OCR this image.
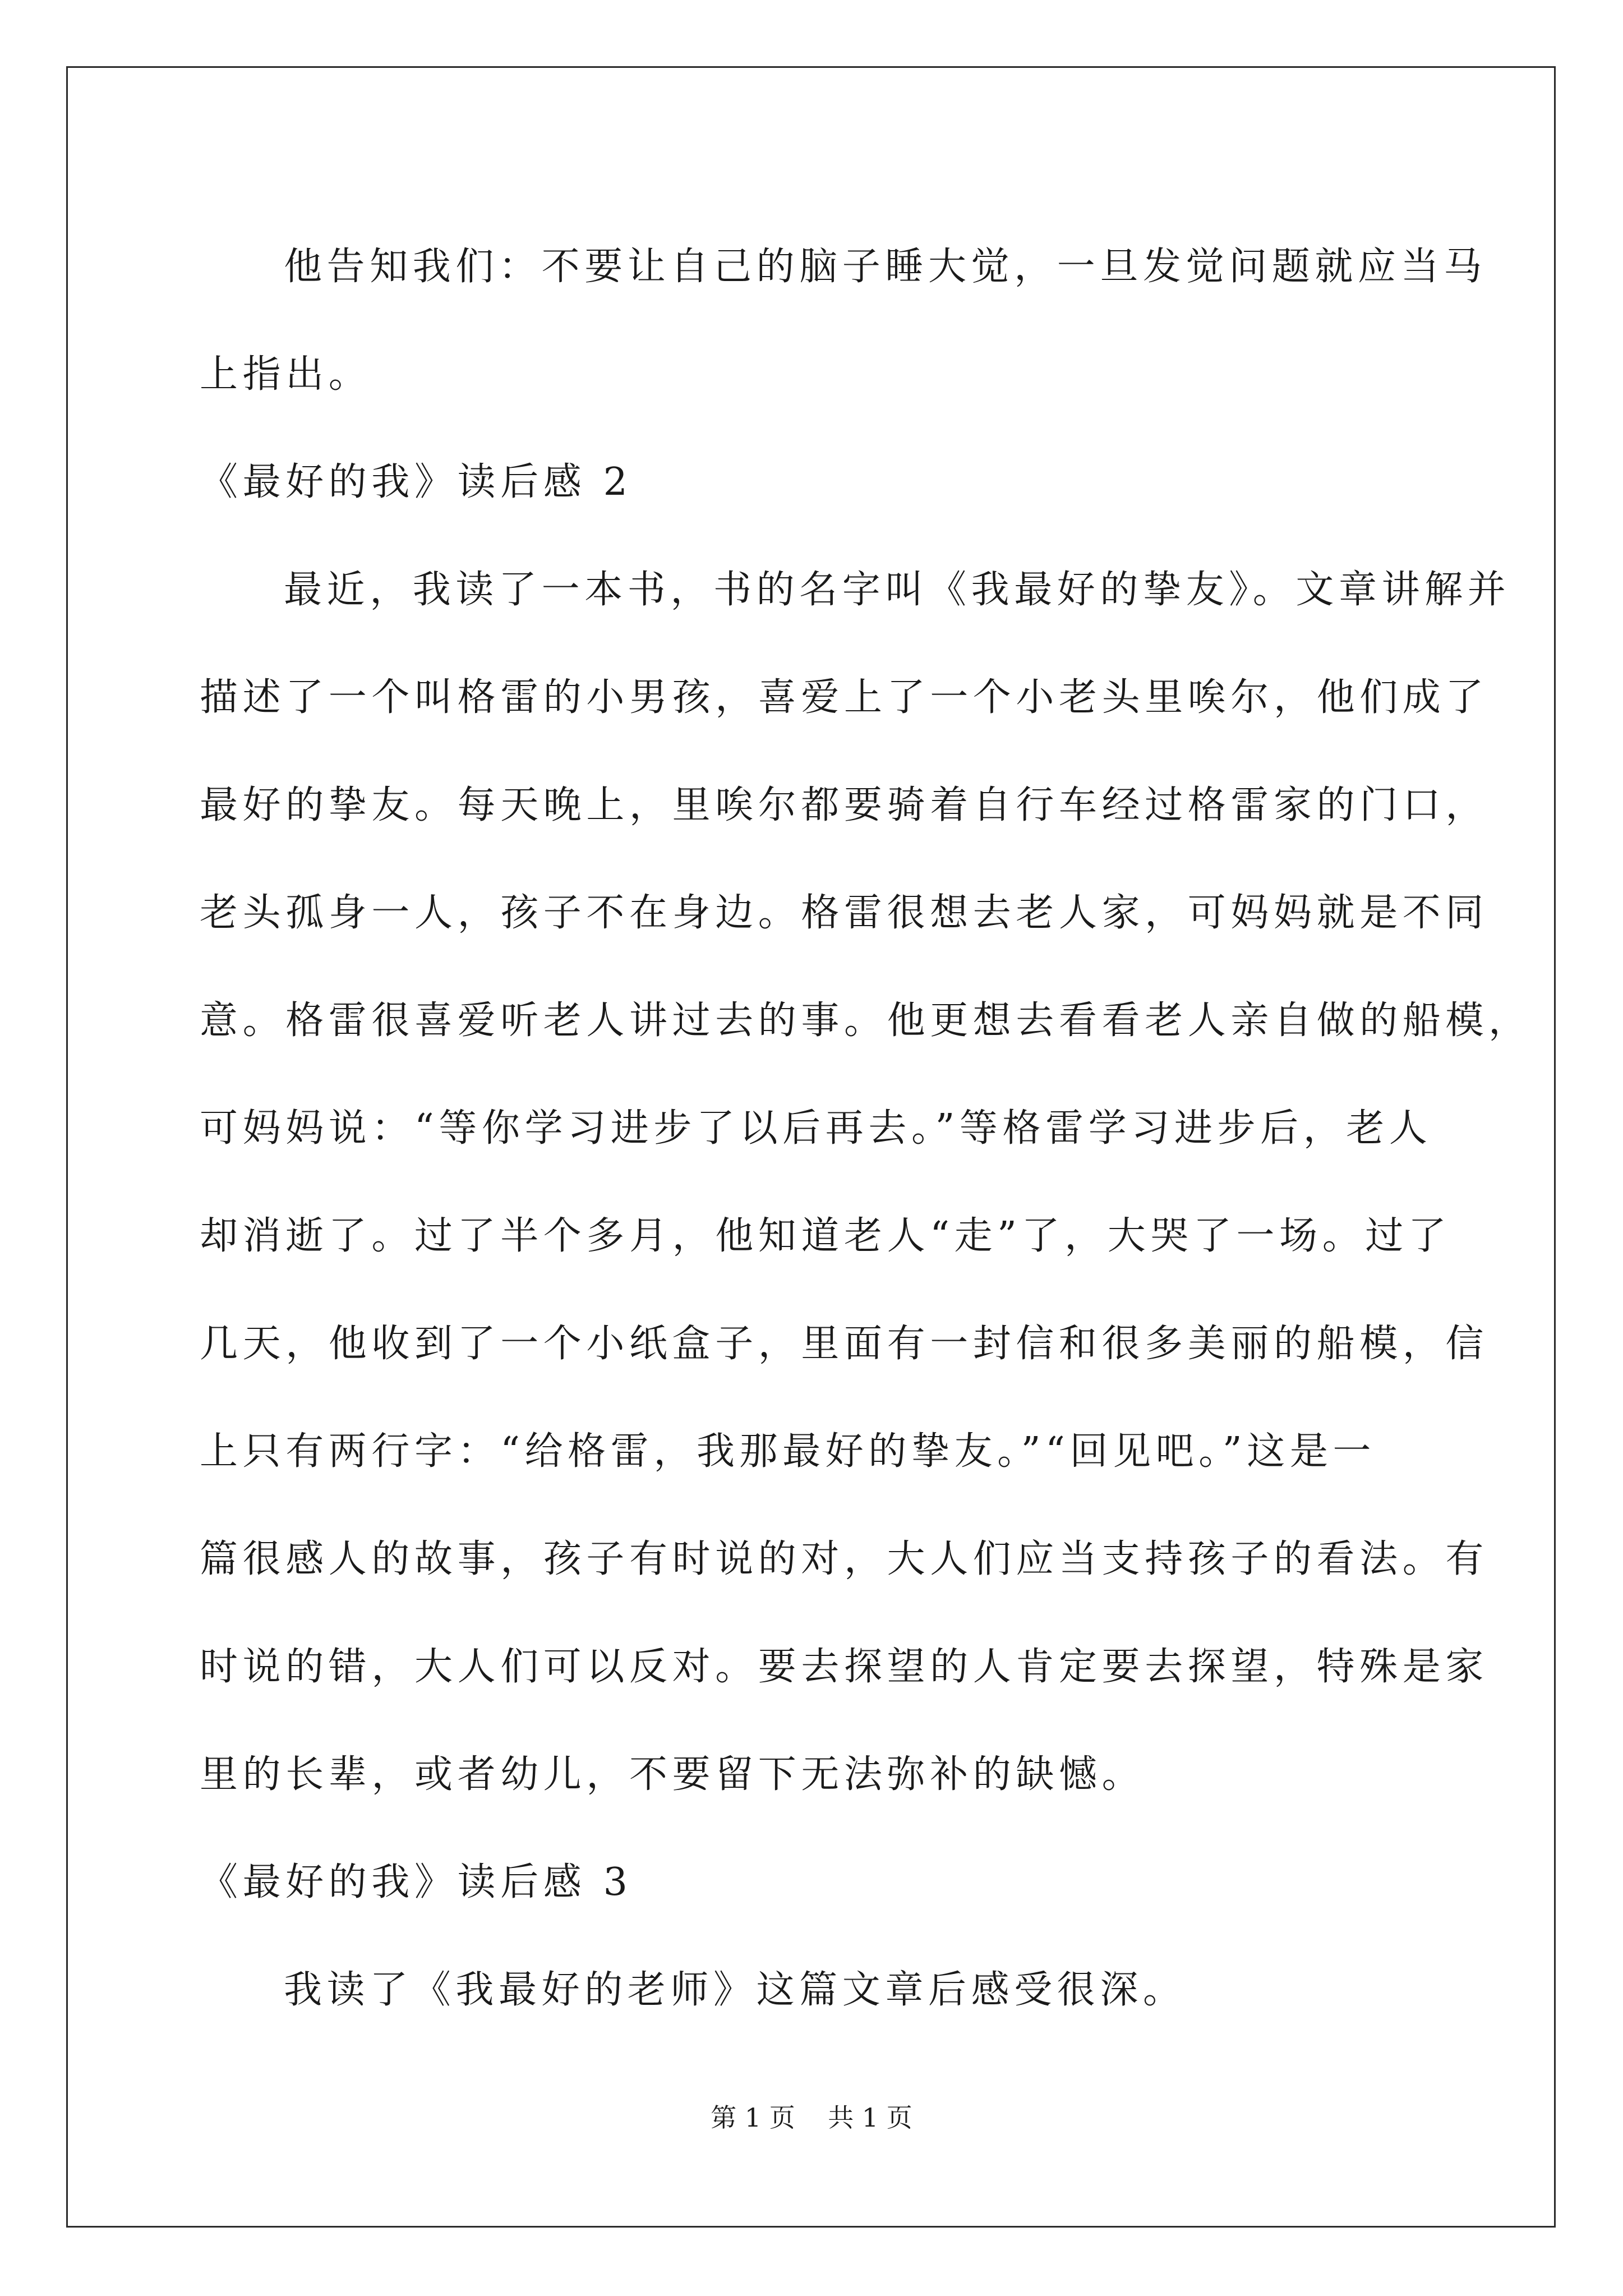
他告知我们：不要让自己的脑子睡大觉，一旦发觉问题就应当马
上指出。
《最好的我》读后感 2
最近，我读了一本书，书的名字叫《我最好的挚友》。文章讲解并
描述了一个叫格雷的小男孩，喜爱上了一个小老头里唉尔，他们成了
最好的挚友。每天晚上，里唉尔都要骑着自行车经过格雷家的门口，
老头孤身一人，孩子不在身边。格雷很想去老人家，可妈妈就是不同
意。格雷很喜爱听老人讲过去的事。他更想去看看老人亲自做的船模，
可妈妈说：“等你学习进步了以后再去。”等格雷学习进步后，老人
却消逝了。过了半个多月，他知道老人“走”了，大哭了一场。过了
几天，他收到了一个小纸盒子，里面有一封信和很多美丽的船模，信
上只有两行字：“给格雷，我那最好的挚友。”“回见吧。”这是一
篇很感人的故事，孩子有时说的对，大人们应当支持孩子的看法。有
时说的错，大人们可以反对。要去探望的人肯定要去探望，特殊是家
里的长辈，或者幼儿，不要留下无法弥补的缺憾。
《最好的我》读后感 3
我读了《我最好的老师》这篇文章后感受很深。
第 1 页 共 1 页
